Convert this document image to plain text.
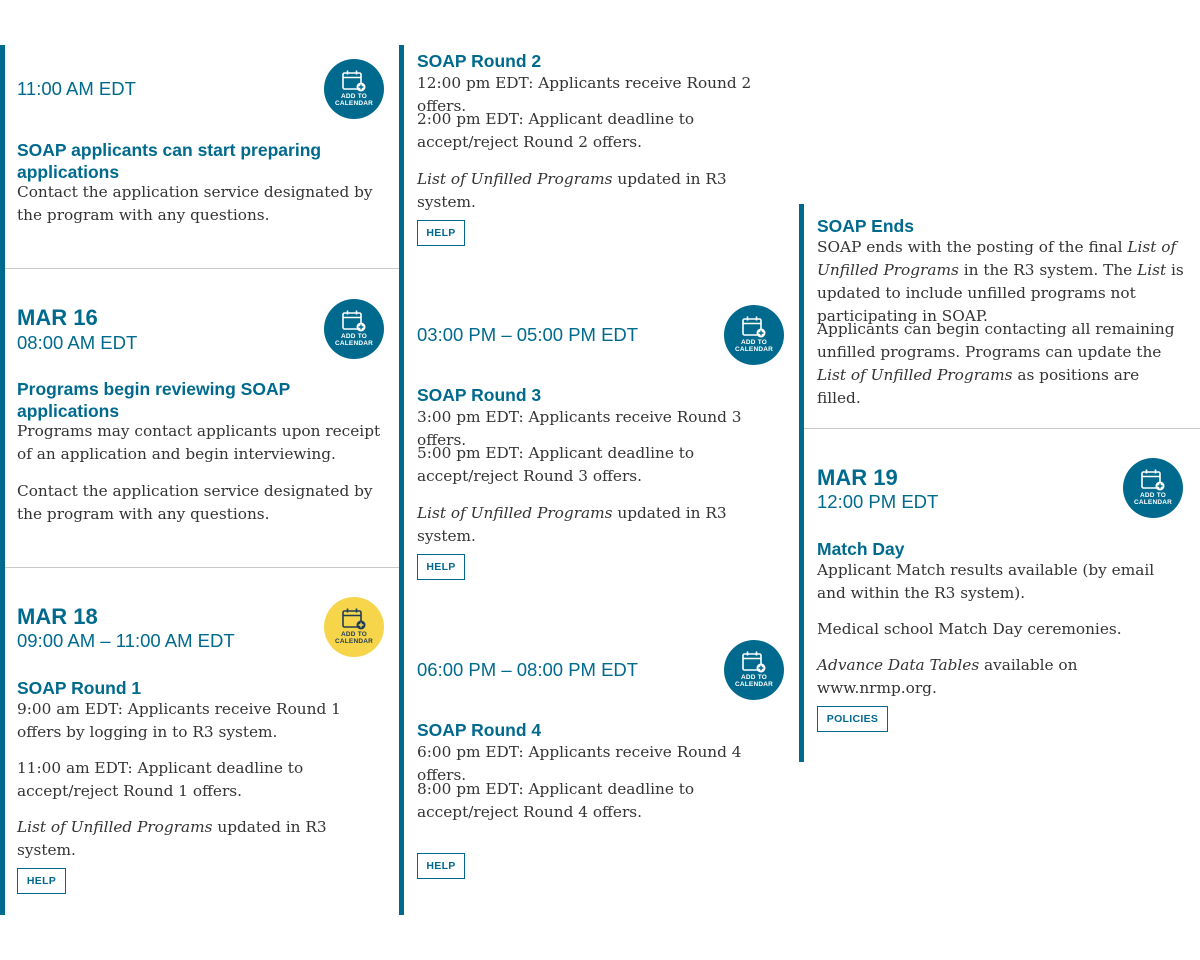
11:00 AM EDT	ADD TO CALENDAR
SOAP applicants can start preparing applications

Contact the application service designated by the program with any questions.

MAR 16
08:00 AM EDT	ADD TO CALENDAR
Programs begin reviewing SOAP applications

Programs may contact applicants upon receipt of an application and begin interviewing.

Contact the application service designated by the program with any questions.

MAR 18
09:00 AM – 11:00 AM EDT	ADD TO CALENDAR
SOAP Round 1

9:00 am EDT: Applicants receive Round 1 offers by logging in to R3 system.

11:00 am EDT: Applicant deadline to accept/reject Round 1 offers.

List of Unfilled Programs updated in R3 system.

HELP
SOAP Round 2

12:00 pm EDT: Applicants receive Round 2 offers.

2:00 pm EDT: Applicant deadline to accept/reject Round 2 offers.

List of Unfilled Programs updated in R3 system.

HELP
03:00 PM – 05:00 PM EDT	ADD TO CALENDAR
SOAP Round 3

3:00 pm EDT: Applicants receive Round 3 offers.

5:00 pm EDT: Applicant deadline to accept/reject Round 3 offers.

List of Unfilled Programs updated in R3 system.

HELP
06:00 PM – 08:00 PM EDT	ADD TO CALENDAR
SOAP Round 4

6:00 pm EDT: Applicants receive Round 4 offers.

8:00 pm EDT: Applicant deadline to accept/reject Round 4 offers.

HELP
SOAP Ends

SOAP ends with the posting of the final List of Unfilled Programs in the R3 system. The List is updated to include unfilled programs not participating in SOAP.

Applicants can begin contacting all remaining unfilled programs. Programs can update the List of Unfilled Programs as positions are filled.

MAR 19
12:00 PM EDT	ADD TO CALENDAR
Match Day

Applicant Match results available (by email and within the R3 system).

Medical school Match Day ceremonies.

Advance Data Tables available on www.nrmp.org.

POLICIES
